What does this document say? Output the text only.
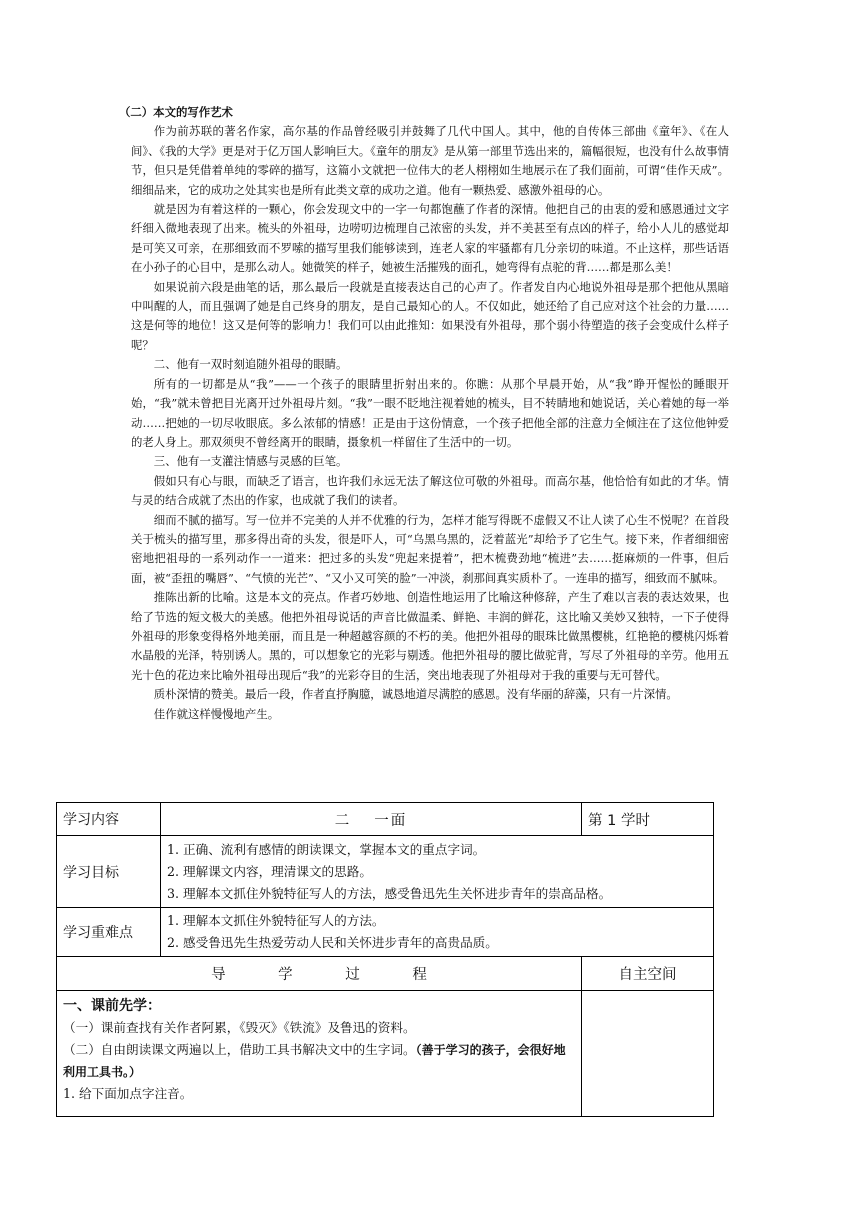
（二）本文的写作艺术

作为前苏联的著名作家，高尔基的作品曾经吸引并鼓舞了几代中国人。其中，他的自传体三部曲《童年》、《在人间》、《我的大学》更是对于亿万国人影响巨大。《童年的朋友》是从第一部里节选出来的，篇幅很短，也没有什么故事情节，但只是凭借着单纯的零碎的描写，这篇小文就把一位伟大的老人栩栩如生地展示在了我们面前，可谓“佳作天成”。细细品来，它的成功之处其实也是所有此类文章的成功之道。他有一颗热爱、感激外祖母的心。

就是因为有着这样的一颗心，你会发现文中的一字一句都饱蘸了作者的深情。他把自己的由衷的爱和感恩通过文字纤细入微地表现了出来。梳头的外祖母，边唠叨边梳理自己浓密的头发，并不美甚至有点凶的样子，给小人儿的感觉却是可笑又可亲，在那细致而不罗嗦的描写里我们能够读到，连老人家的牢骚都有几分亲切的味道。不止这样，那些话语在小孙子的心目中，是那么动人。她微笑的样子，她被生活摧残的面孔，她弯得有点驼的背……都是那么美！

如果说前六段是曲笔的话，那么最后一段就是直接表达自己的心声了。作者发自内心地说外祖母是那个把他从黑暗中叫醒的人，而且强调了她是自己终身的朋友，是自己最知心的人。不仅如此，她还给了自己应对这个社会的力量……这是何等的地位！这又是何等的影响力！我们可以由此推知：如果没有外祖母，那个弱小待塑造的孩子会变成什么样子呢？

二、他有一双时刻追随外祖母的眼睛。

所有的一切都是从“我”——一个孩子的眼睛里折射出来的。你瞧：从那个早晨开始，从“我”睁开惺忪的睡眼开始，“我”就未曾把目光离开过外祖母片刻。“我”一眼不眨地注视着她的梳头，目不转睛地和她说话，关心着她的每一举动……把她的一切尽收眼底。多么浓郁的情感！正是由于这份情意，一个孩子把他全部的注意力全倾注在了这位他钟爱的老人身上。那双须臾不曾经离开的眼睛，摄象机一样留住了生活中的一切。

三、他有一支灌注情感与灵感的巨笔。

假如只有心与眼，而缺乏了语言，也许我们永远无法了解这位可敬的外祖母。而高尔基，他恰恰有如此的才华。情与灵的结合成就了杰出的作家，也成就了我们的读者。

细而不腻的描写。写一位并不完美的人并不优雅的行为，怎样才能写得既不虚假又不让人读了心生不悦呢？在首段关于梳头的描写里，那多得出奇的头发，很是吓人，可“乌黑乌黑的，泛着蓝光”却给予了它生气。接下来，作者细细密密地把祖母的一系列动作一一道来：把过多的头发“兜起来提着”，把木梳费劲地“梳进”去……挺麻烦的一件事，但后面，被“歪扭的嘴唇”、“气愤的光芒”、“又小又可笑的脸”一冲淡，刹那间真实质朴了。一连串的描写，细致而不腻味。

推陈出新的比喻。这是本文的亮点。作者巧妙地、创造性地运用了比喻这种修辞，产生了难以言表的表达效果，也给了节选的短文极大的美感。他把外祖母说话的声音比做温柔、鲜艳、丰润的鲜花，这比喻又美妙又独特，一下子使得外祖母的形象变得格外地美丽，而且是一种超越容颜的不朽的美。他把外祖母的眼珠比做黑樱桃，红艳艳的樱桃闪烁着水晶般的光泽，特别诱人。黑的，可以想象它的光彩与剔透。他把外祖母的腰比做驼背，写尽了外祖母的辛劳。他用五光十色的花边来比喻外祖母出现后“我”的光彩夺目的生活，突出地表现了外祖母对于我的重要与无可替代。

质朴深情的赞美。最后一段，作者直抒胸臆，诚恳地道尽满腔的感恩。没有华丽的辞藻，只有一片深情。

佳作就这样慢慢地产生。

学习内容	二　 一面	第 1 学时
学习目标	1. 正确、流利有感情的朗读课文，掌握本文的重点字词。
2. 理解课文内容，理清课文的思路。
3. 理解本文抓住外貌特征写人的方法，感受鲁迅先生关怀进步青年的崇高品格。	

学习重难点	1. 理解本文抓住外貌特征写人的方法。
2. 感受鲁迅先生热爱劳动人民和关怀进步青年的高贵品质。	

导 学 过 程		自主空间

一、课前先学：
（一）课前查找有关作者阿累，《毁灭》《铁流》及鲁迅的资料。
（二）自由朗读课文两遍以上，借助工具书解决文中的生字词。（善于学习的孩子，会很好地利用工具书。）
1. 给下面加点字注音。		
